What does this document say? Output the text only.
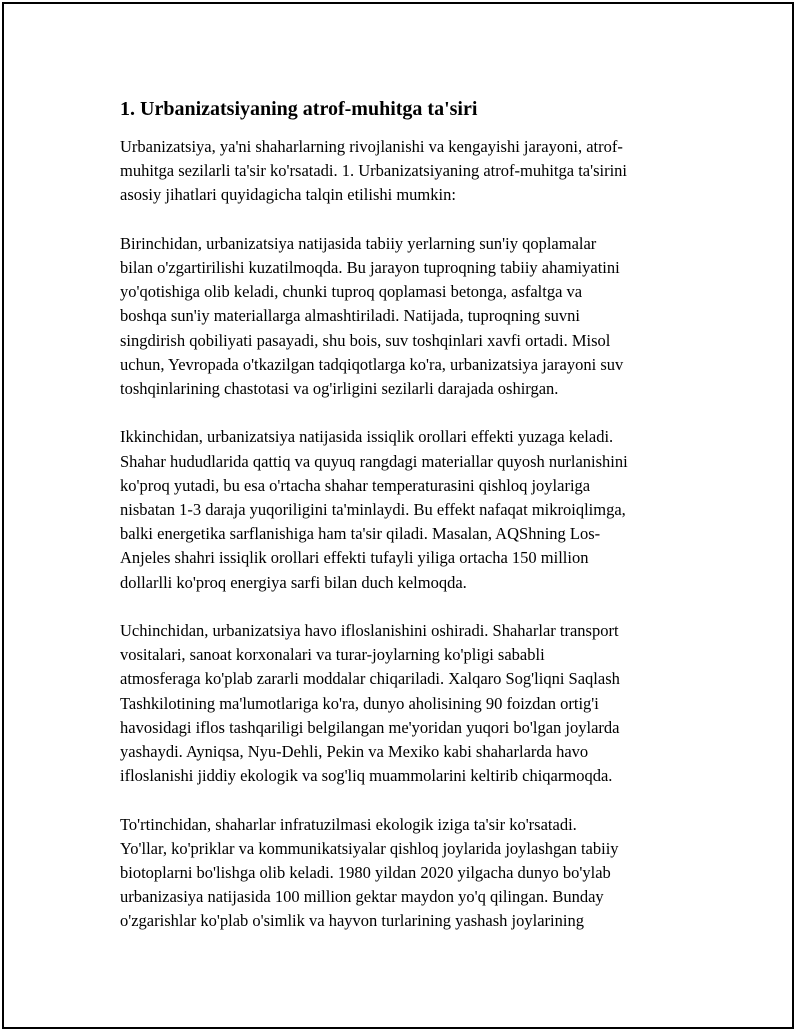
1. Urbanizatsiyaning atrof-muhitga ta'siri

Urbanizatsiya, ya'ni shaharlarning rivojlanishi va kengayishi jarayoni, atrof-
muhitga sezilarli ta'sir ko'rsatadi. 1. Urbanizatsiyaning atrof-muhitga ta'sirini
asosiy jihatlari quyidagicha talqin etilishi mumkin:

Birinchidan, urbanizatsiya natijasida tabiiy yerlarning sun'iy qoplamalar
bilan o'zgartirilishi kuzatilmoqda. Bu jarayon tuproqning tabiiy ahamiyatini
yo'qotishiga olib keladi, chunki tuproq qoplamasi betonga, asfaltga va
boshqa sun'iy materiallarga almashtiriladi. Natijada, tuproqning suvni
singdirish qobiliyati pasayadi, shu bois, suv toshqinlari xavfi ortadi. Misol
uchun, Yevropada o'tkazilgan tadqiqotlarga ko'ra, urbanizatsiya jarayoni suv
toshqinlarining chastotasi va og'irligini sezilarli darajada oshirgan.

Ikkinchidan, urbanizatsiya natijasida issiqlik orollari effekti yuzaga keladi.
Shahar hududlarida qattiq va quyuq rangdagi materiallar quyosh nurlanishini
ko'proq yutadi, bu esa o'rtacha shahar temperaturasini qishloq joylariga
nisbatan 1-3 daraja yuqoriligini ta'minlaydi. Bu effekt nafaqat mikroiqlimga,
balki energetika sarflanishiga ham ta'sir qiladi. Masalan, AQShning Los-
Anjeles shahri issiqlik orollari effekti tufayli yiliga ortacha 150 million
dollarlli ko'proq energiya sarfi bilan duch kelmoqda.

Uchinchidan, urbanizatsiya havo ifloslanishini oshiradi. Shaharlar transport
vositalari, sanoat korxonalari va turar-joylarning ko'pligi sababli
atmosferaga ko'plab zararli moddalar chiqariladi. Xalqaro Sog'liqni Saqlash
Tashkilotining ma'lumotlariga ko'ra, dunyo aholisining 90 foizdan ortig'i
havosidagi iflos tashqariligi belgilangan me'yoridan yuqori bo'lgan joylarda
yashaydi. Ayniqsa, Nyu-Dehli, Pekin va Mexiko kabi shaharlarda havo
ifloslanishi jiddiy ekologik va sog'liq muammolarini keltirib chiqarmoqda.

To'rtinchidan, shaharlar infratuzilmasi ekologik iziga ta'sir ko'rsatadi.
Yo'llar, ko'priklar va kommunikatsiyalar qishloq joylarida joylashgan tabiiy
biotoplarni bo'lishga olib keladi. 1980 yildan 2020 yilgacha dunyo bo'ylab
urbanizasiya natijasida 100 million gektar maydon yo'q qilingan. Bunday
o'zgarishlar ko'plab o'simlik va hayvon turlarining yashash joylarining
